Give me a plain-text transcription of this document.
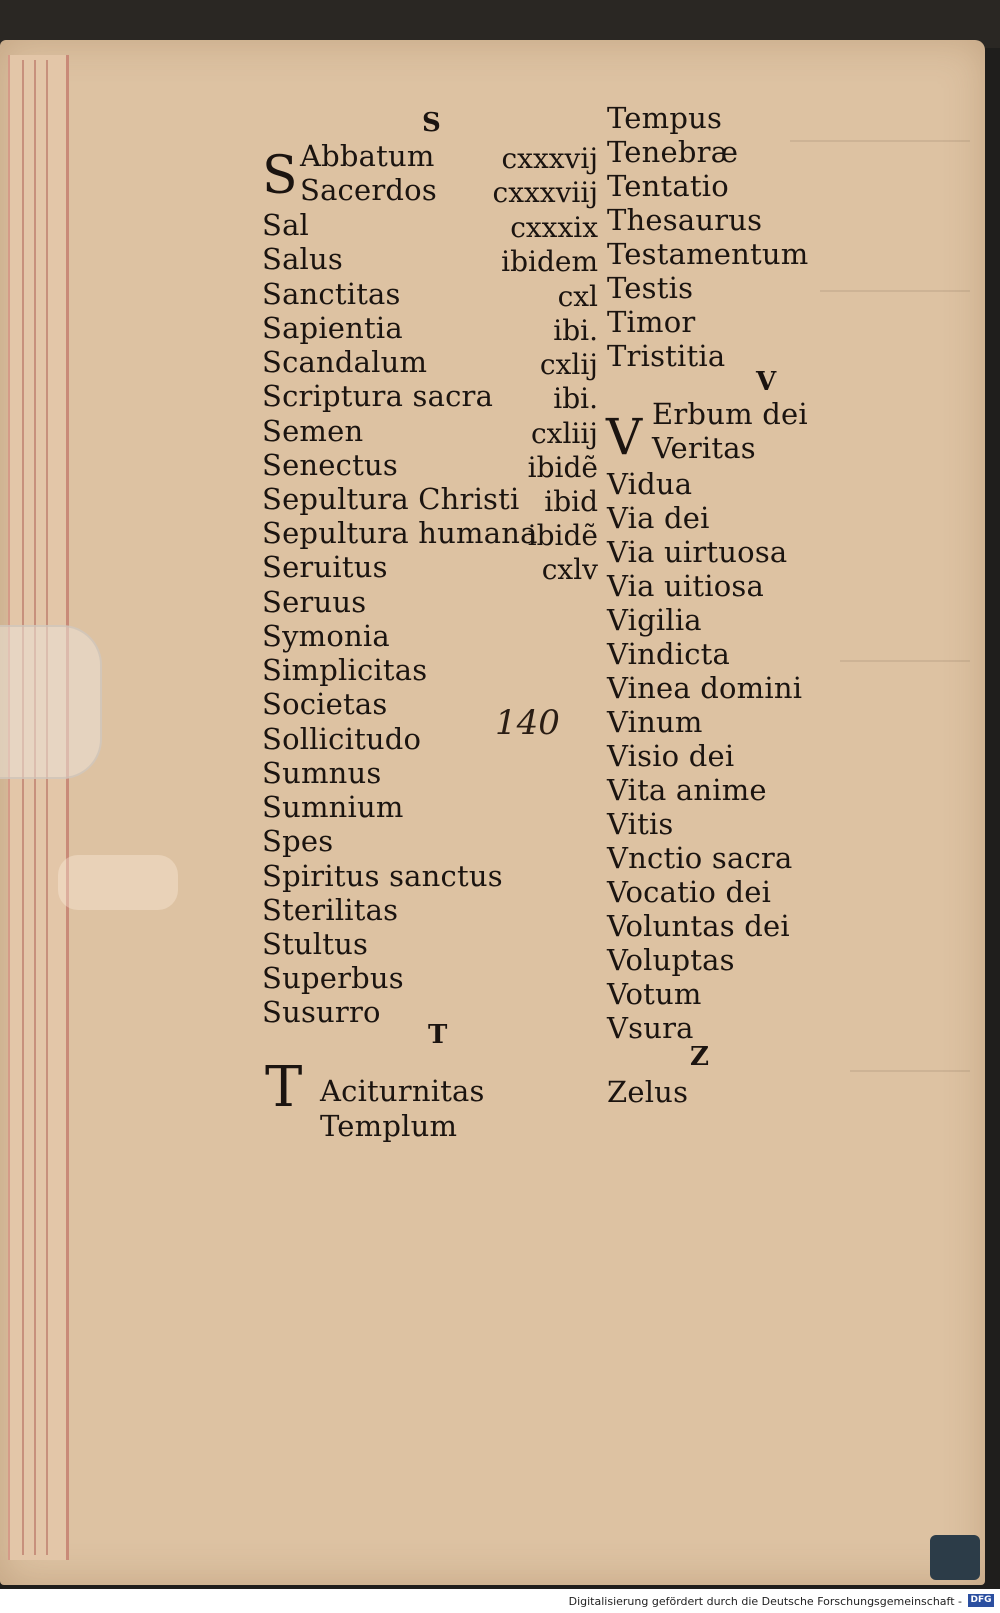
S
T
V
Z
S
T
V
Abbatum
Sacerdos
Sal
Salus
Sanctitas
Sapientia
Scandalum
Scriptura sacra
Semen
Senectus
Sepultura Christi
Sepultura humana
Seruitus
Seruus
Symonia
Simplicitas
Societas
Sollicitudo
Sumnus
Sumnium
Spes
Spiritus sanctus
Sterilitas
Stultus
Superbus
Susurro
Aciturnitas
Templum
cxxxvij
cxxxviij
cxxxix
ibidem
cxl
ibi.
cxlij
ibi.
cxliij
ibidẽ
ibid
ibidẽ
cxlv
Tempus
Tenebræ
Tentatio
Thesaurus
Testamentum
Testis
Timor
Tristitia
Erbum dei
Veritas
Vidua
Via dei
Via uirtuosa
Via uitiosa
Vigilia
Vindicta
Vinea domini
Vinum
Visio dei
Vita anime
Vitis
Vnctio sacra
Vocatio dei
Voluntas dei
Voluptas
Votum
Vsura
Zelus
140
Digitalisierung gefördert durch die Deutsche Forschungsgemeinschaft - DFG
